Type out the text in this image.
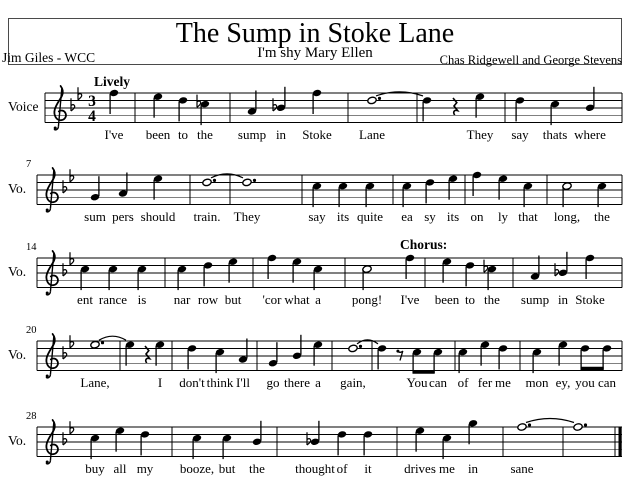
3
4
Voice
I've been to the sump in Stoke Lane	They say thats where
Vo.
7
sum pers should train. They	say its quite ea sy its on ly that long, the
Vo.
14
ent rance is nar row but 'cor what a pong! I've been to the sump in Stoke
Vo.
20
Lane,	I don't think I'll go there a gain,	You can of fer me mon ey, you can
Vo.
28
buy all my booze, but the thought of it drives me in sane
The Sump in Stoke Lane
I'm shy Mary Ellen
Jim Giles - WCC	Chas Ridgewell and George Stevens
Lively
Chorus:
